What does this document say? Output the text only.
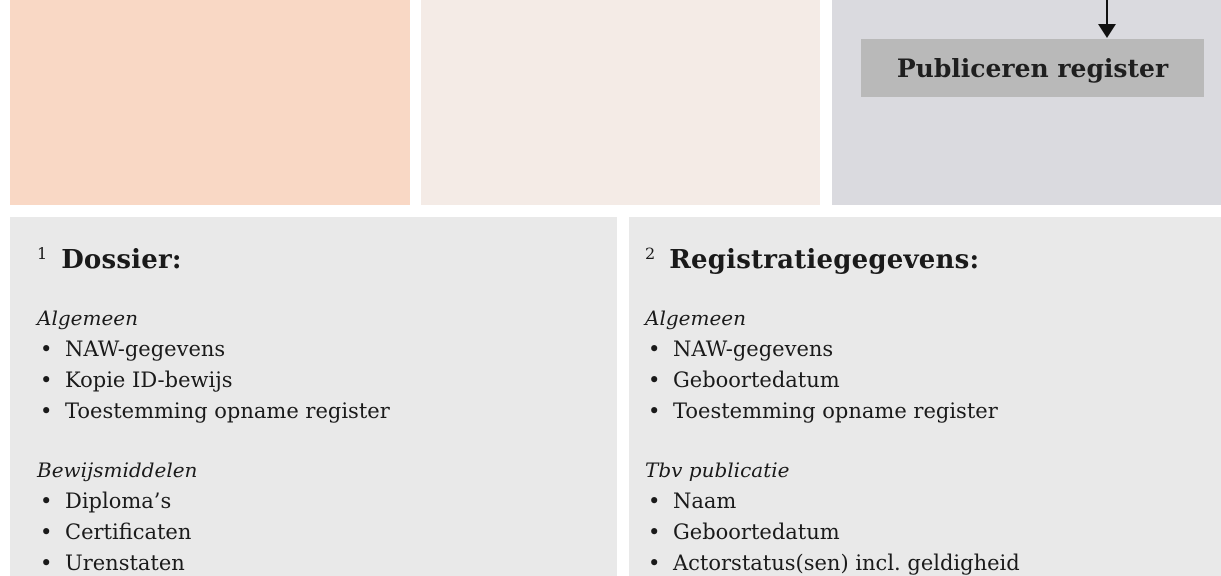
Publiceren register
1 Dossier:
Algemeen
• NAW-gegevens
• Kopie ID-bewijs
• Toestemming opname register
Bewijsmiddelen
• Diploma’s
• Certificaten
• Urenstaten
2 Registratiegegevens:
Algemeen
• NAW-gegevens
• Geboortedatum
• Toestemming opname register
Tbv publicatie
• Naam
• Geboortedatum
• Actorstatus(sen) incl. geldigheid
